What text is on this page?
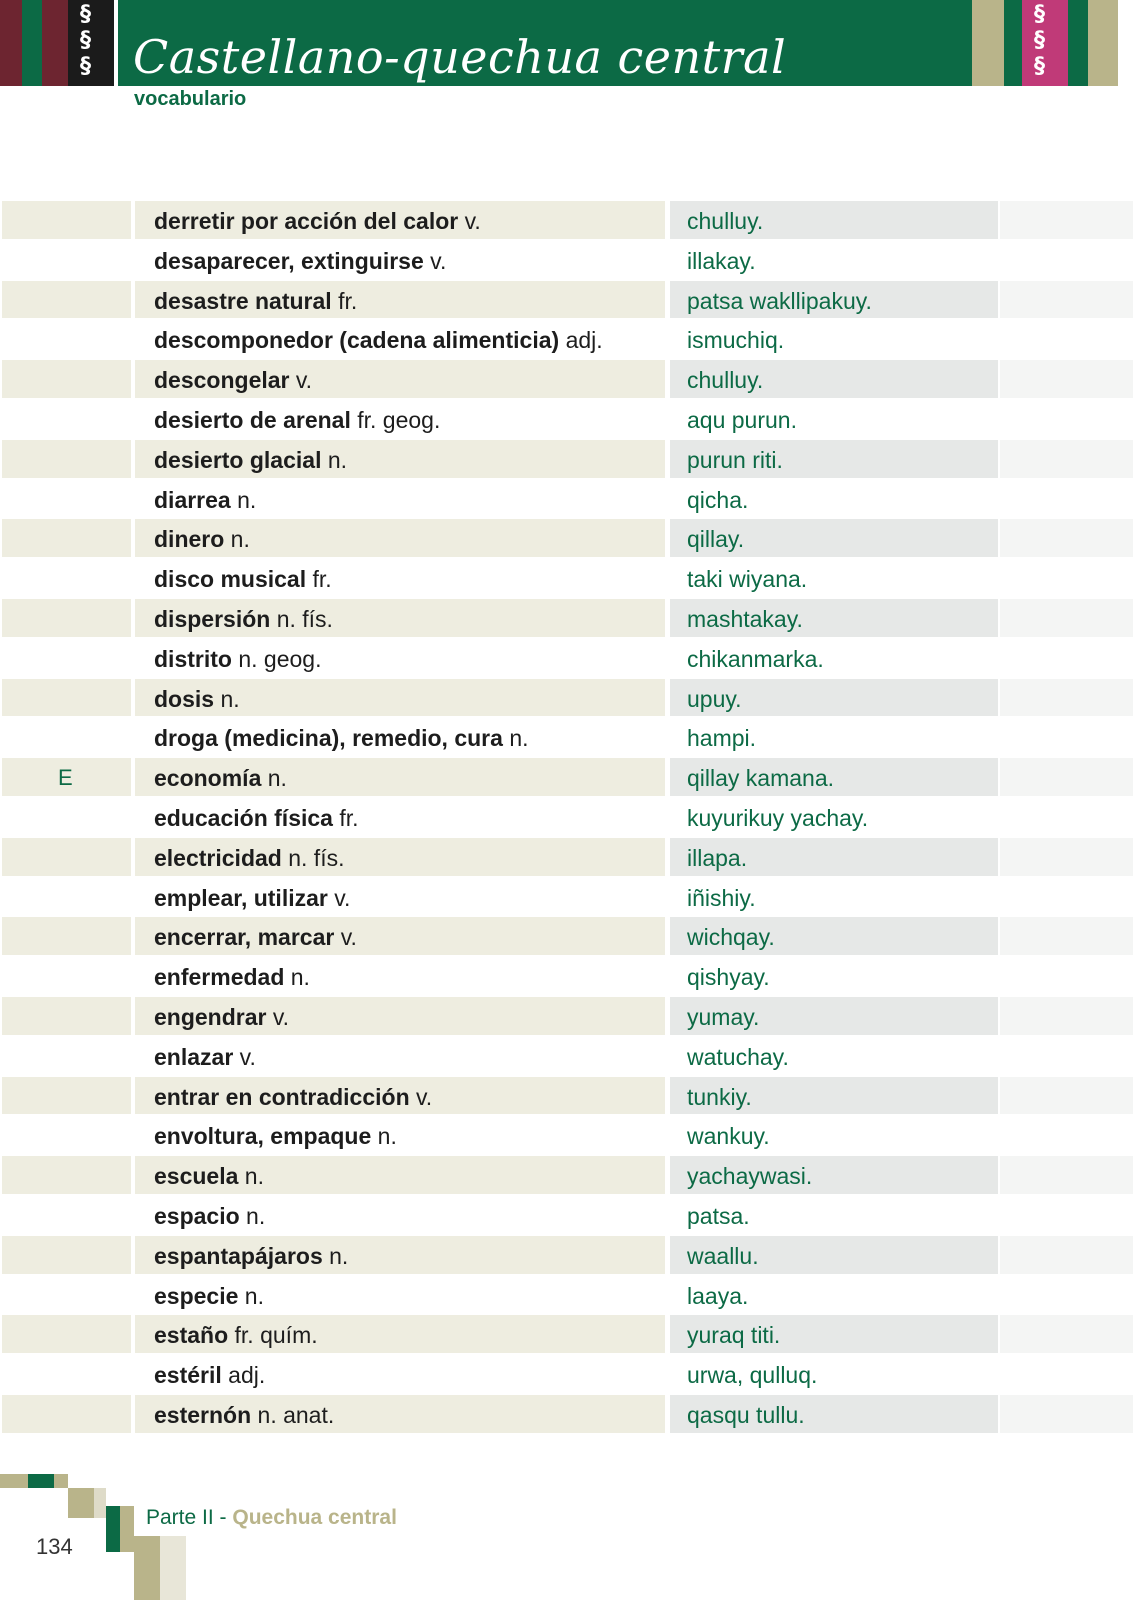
§
§
§
§
§
§
Castellano-quechua central
vocabulario
derretir por acción del calor v.	chulluy.
desaparecer, extinguirse v.	illakay.
desastre natural fr.	patsa wakllipakuy.
descomponedor (cadena alimenticia) adj.	ismuchiq.
descongelar v.	chulluy.
desierto de arenal fr. geog.	aqu purun.
desierto glacial n.	purun riti.
diarrea n.	qicha.
dinero n.	qillay.
disco musical fr.	taki wiyana.
dispersión n. fís.	mashtakay.
distrito n. geog.	chikanmarka.
dosis n.	upuy.
droga (medicina), remedio, cura n.	hampi.
E	economía n.	qillay kamana.
educación física fr.	kuyurikuy yachay.
electricidad n. fís.	illapa.
emplear, utilizar v.	iñishiy.
encerrar, marcar v.	wichqay.
enfermedad n.	qishyay.
engendrar v.	yumay.
enlazar v.	watuchay.
entrar en contradicción v.	tunkiy.
envoltura, empaque n.	wankuy.
escuela n.	yachaywasi.
espacio n.	patsa.
espantapájaros n.	waallu.
especie n.	laaya.
estaño fr. quím.	yuraq titi.
estéril adj.	urwa, qulluq.
esternón n. anat.	qasqu tullu.
Parte II - Quechua central
134
